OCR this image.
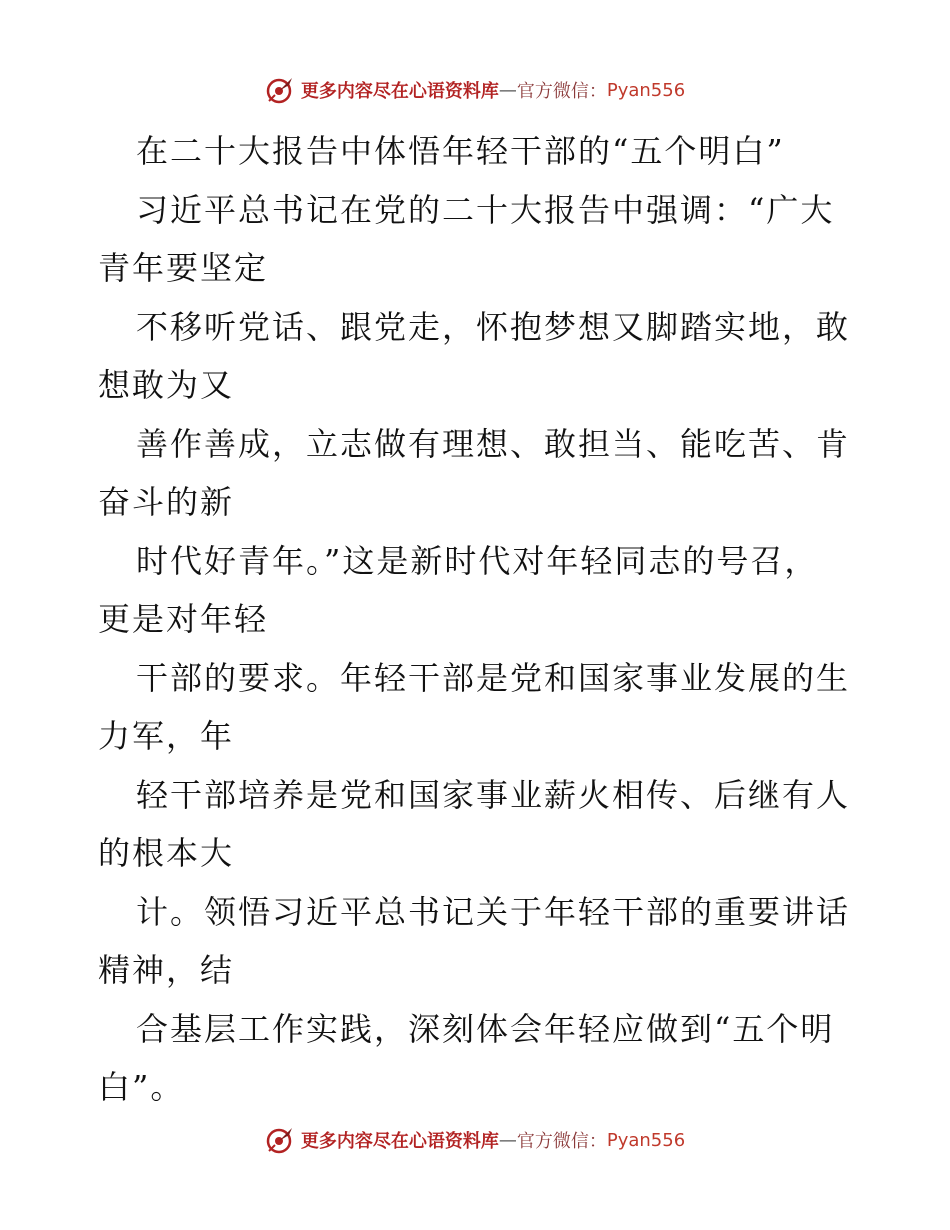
更多内容尽在心语资料库 — 官方微信： Pyan556
在二十大报告中体悟年轻干部的“五个明白”
习近平总书记在党的二十大报告中强调：“广大
青年要坚定
不移听党话、跟党走，怀抱梦想又脚踏实地，敢
想敢为又
善作善成，立志做有理想、敢担当、能吃苦、肯
奋斗的新
时代好青年。”这是新时代对年轻同志的号召，
更是对年轻
干部的要求。年轻干部是党和国家事业发展的生
力军，年
轻干部培养是党和国家事业薪火相传、后继有人
的根本大
计。领悟习近平总书记关于年轻干部的重要讲话
精神，结
合基层工作实践，深刻体会年轻应做到“五个明
白”。
更多内容尽在心语资料库 — 官方微信： Pyan556
